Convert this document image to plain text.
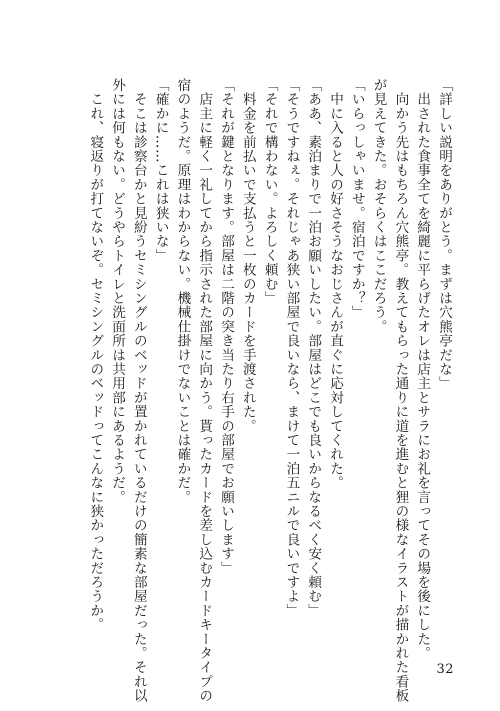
「詳しい説明をありがとう。まずは穴熊亭だな」
　出された食事全てを綺麗に平らげたオレは店主とサラにお礼を言ってその場を後にした。
　向かう先はもちろん穴熊亭。教えてもらった通りに道を進むと狸の様なイラストが描かれた看板
が見えてきた。おそらくはここだろう。
「いらっしゃいませ。宿泊ですか？」
　中に入ると人の好さそうなおじさんが直ぐに応対してくれた。
「ああ、素泊まりで一泊お願いしたい。部屋はどこでも良いからなるべく安く頼む」
「そうですねぇ。それじゃあ狭い部屋で良いなら、まけて一泊五ニルで良いですよ」
「それで構わない。よろしく頼む」
　料金を前払いで支払うと一枚のカードを手渡された。
「それが鍵となります。部屋は二階の突き当たり右手の部屋でお願いします」
　店主に軽く一礼してから指示された部屋に向かう。貰ったカードを差し込むカードキータイプの
宿のようだ。原理はわからない。機械仕掛けでないことは確かだ。
「確かに……これは狭いな」
　そこは診察台かと見紛うセミシングルのベッドが置かれているだけの簡素な部屋だった。それ以
外には何もない。どうやらトイレと洗面所は共用部にあるようだ。
　これ、寝返りが打てないぞ。セミシングルのベッドってこんなに狭かっただろうか。
32
